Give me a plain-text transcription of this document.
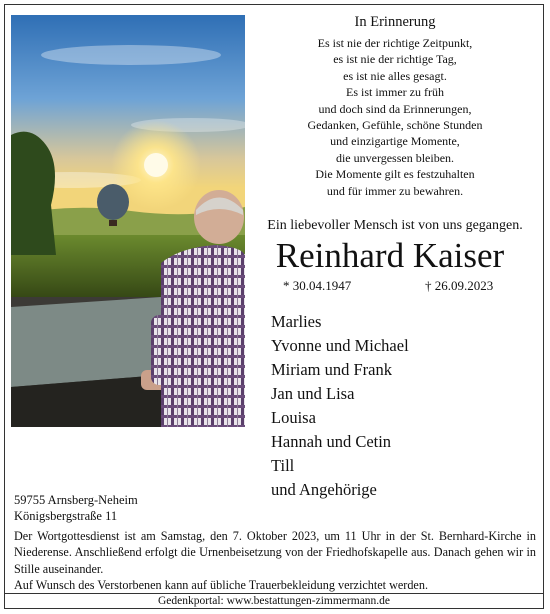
In Erinnerung
Es ist nie der richtige Zeitpunkt,
es ist nie der richtige Tag,
es ist nie alles gesagt.
Es ist immer zu früh
und doch sind da Erinnerungen,
Gedanken, Gefühle, schöne Stunden
und einzigartige Momente,
die unvergessen bleiben.
Die Momente gilt es festzuhalten
und für immer zu bewahren.
Ein liebevoller Mensch ist von uns gegangen.
Reinhard Kaiser
* 30.04.1947	† 26.09.2023
Marlies
Yvonne und Michael
Miriam und Frank
Jan und Lisa
Louisa
Hannah und Cetin
Till
und Angehörige
59755 Arnsberg-Neheim
Königsbergstraße 11

Der Wortgottesdienst ist am Samstag, den 7. Oktober 2023, um 11 Uhr in der St. Bernhard-Kirche in Niederense. Anschließend erfolgt die Urnenbeisetzung von der Friedhofskapelle aus. Danach gehen wir in Stille auseinander.

Auf Wunsch des Verstorbenen kann auf übliche Trauerbekleidung verzichtet werden.

Gedenkportal: www.bestattungen-zimmermann.de
